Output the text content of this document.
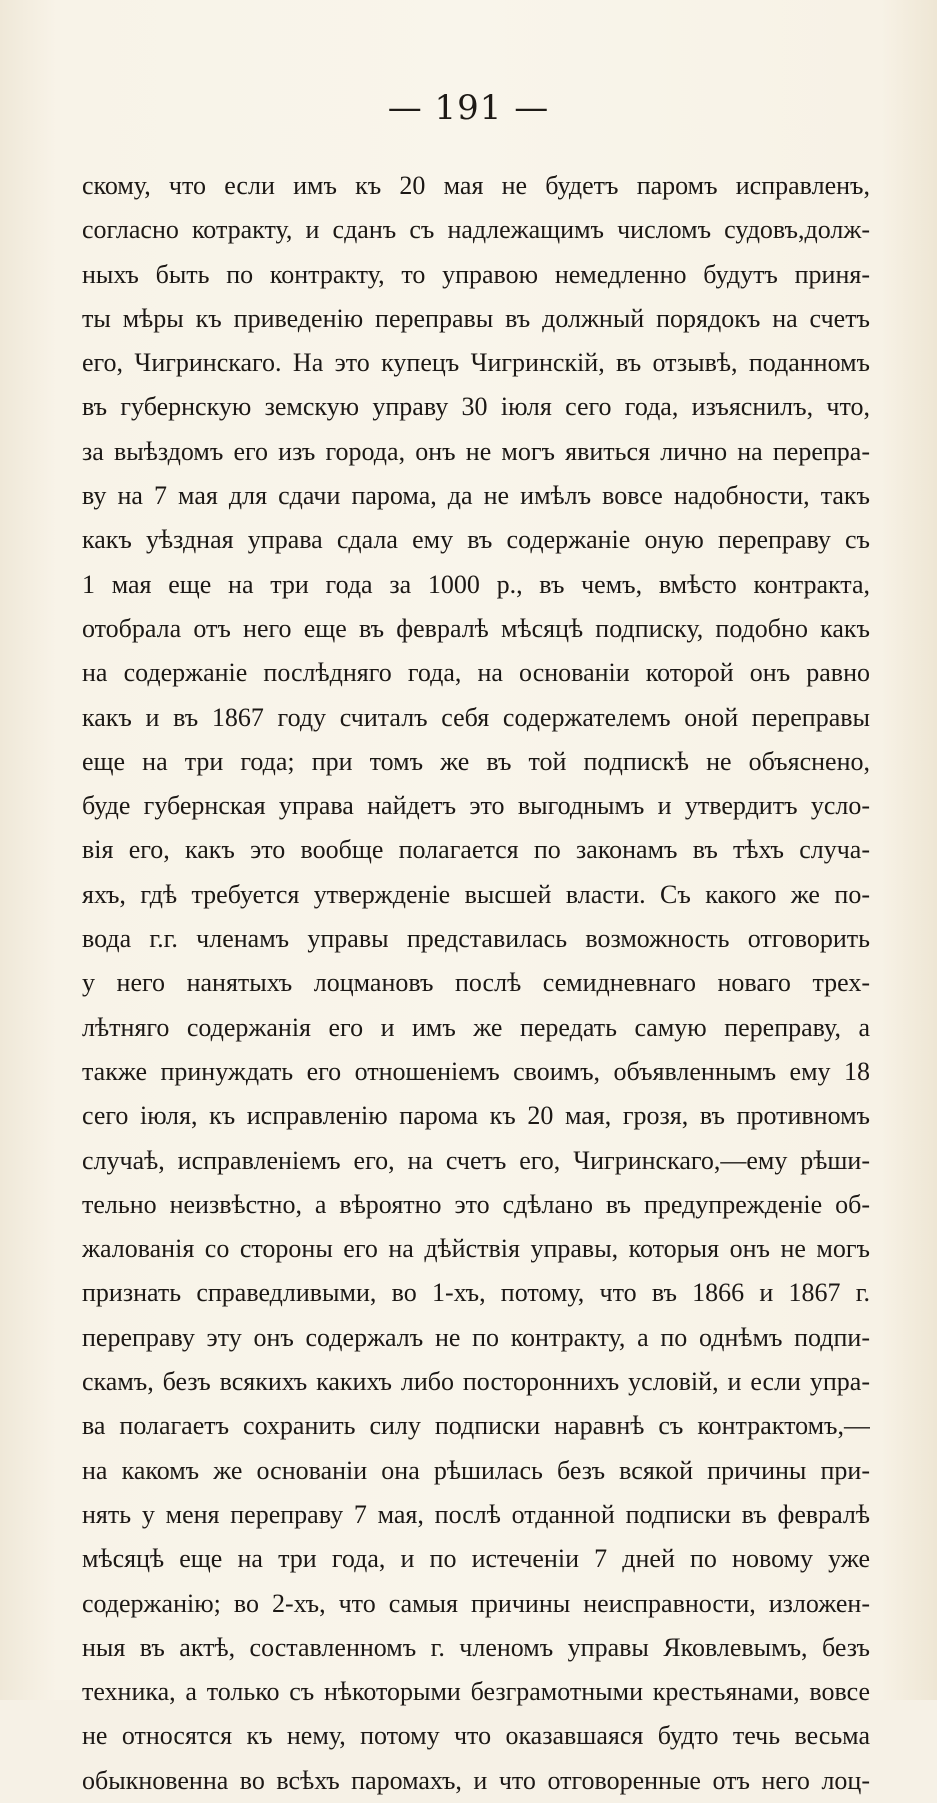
— 191 —
скому, что если имъ къ 20 мая не будетъ паромъ исправленъ,
согласно котракту, и сданъ съ надлежащимъ числомъ судовъ,долж-
ныхъ быть по контракту, то управою немедленно будутъ приня-
ты мѣры къ приведенію переправы въ должный порядокъ на счетъ
его, Чигринскаго. На это купецъ Чигринскій, въ отзывѣ, поданномъ
въ губернскую земскую управу 30 іюля сего года, изъяснилъ, что,
за выѣздомъ его изъ города, онъ не могъ явиться лично на перепра-
ву на 7 мая для сдачи парома, да не имѣлъ вовсе надобности, такъ
какъ уѣздная управа сдала ему въ содержаніе оную переправу съ
1 мая еще на три года за 1000 р., въ чемъ, вмѣсто контракта,
отобрала отъ него еще въ февралѣ мѣсяцѣ подписку, подобно какъ
на содержаніе послѣдняго года, на основаніи которой онъ равно
какъ и въ 1867 году считалъ себя содержателемъ оной переправы
еще на три года; при томъ же въ той подпискѣ не объяснено,
буде губернская управа найдетъ это выгоднымъ и утвердитъ усло-
вія его, какъ это вообще полагается по законамъ въ тѣхъ случа-
яхъ, гдѣ требуется утвержденіе высшей власти. Съ какого же по-
вода г.г. членамъ управы представилась возможность отговорить
у него нанятыхъ лоцмановъ послѣ семидневнаго новаго трех-
лѣтняго содержанія его и имъ же передать самую переправу, а
также принуждать его отношеніемъ своимъ, объявленнымъ ему 18
сего іюля, къ исправленію парома къ 20 мая, грозя, въ противномъ
случаѣ, исправленіемъ его, на счетъ его, Чигринскаго,—ему рѣши-
тельно неизвѣстно, а вѣроятно это сдѣлано въ предупрежденіе об-
жалованія со стороны его на дѣйствія управы, которыя онъ не могъ
признать справедливыми, во 1-хъ, потому, что въ 1866 и 1867 г.
переправу эту онъ содержалъ не по контракту, а по однѣмъ подпи-
скамъ, безъ всякихъ какихъ либо постороннихъ условій, и если упра-
ва полагаетъ сохранить силу подписки наравнѣ съ контрактомъ,—
на какомъ же основаніи она рѣшилась безъ всякой причины при-
нять у меня переправу 7 мая, послѣ отданной подписки въ февралѣ
мѣсяцѣ еще на три года, и по истеченіи 7 дней по новому уже
содержанію; во 2-хъ, что самыя причины неисправности, изложен-
ныя въ актѣ, составленномъ г. членомъ управы Яковлевымъ, безъ
техника, а только съ нѣкоторыми безграмотными крестьянами, вовсе
не относятся къ нему, потому что оказавшаяся будто течь весьма
обыкновенна во всѣхъ паромахъ, и что отговоренные отъ него лоц-
